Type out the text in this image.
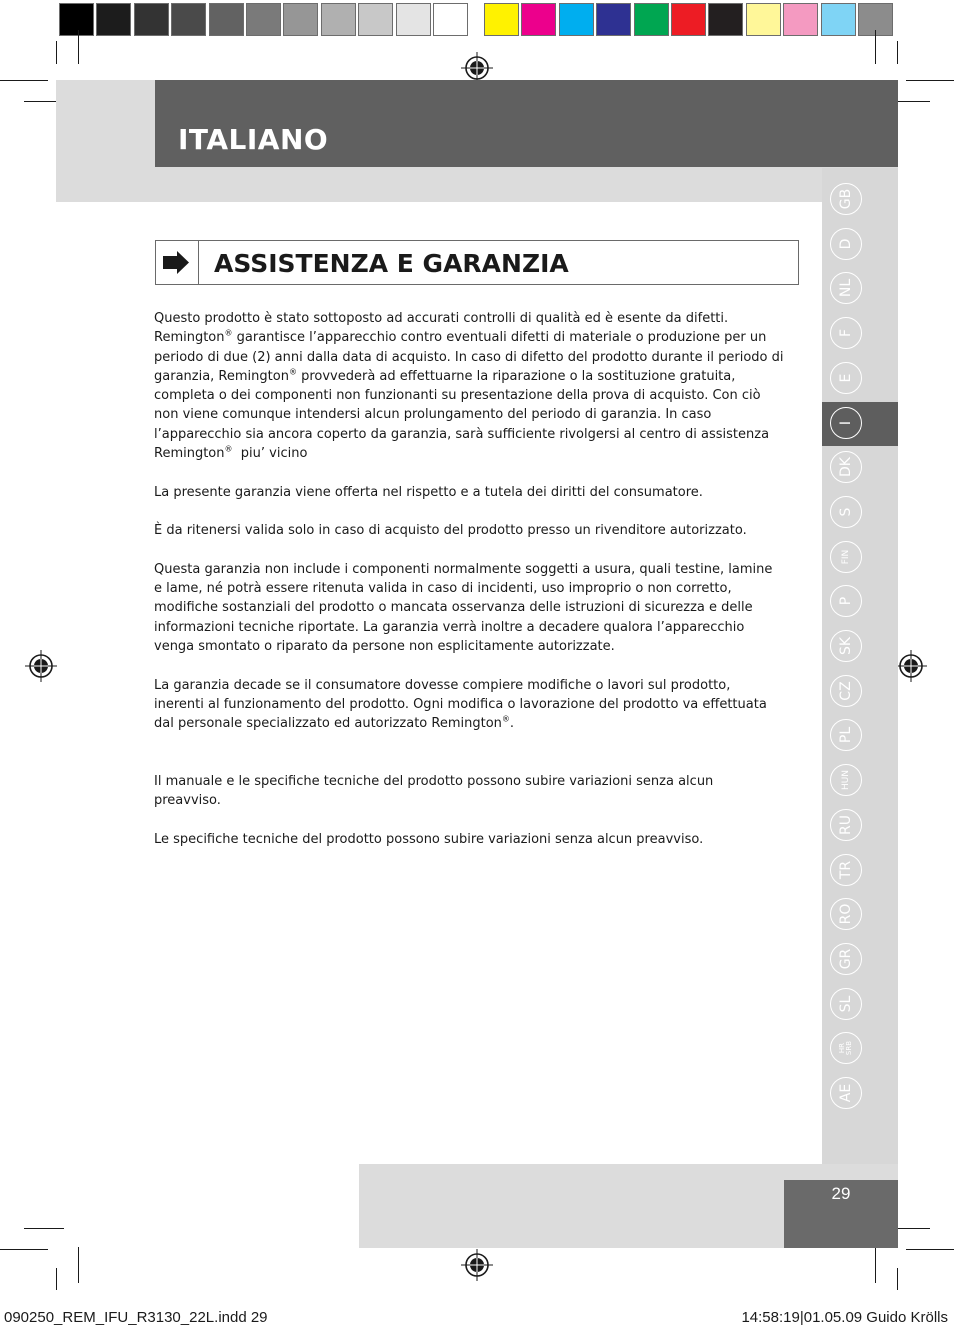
ITALIANO
GB
D
NL
F
E
I
DK
S
FIN
P
SK
CZ
PL
HUN
RU
TR
RO
GR
SL
HR SRB
AE
ASSISTENZA E GARANZIA

Questo prodotto è stato sottoposto ad accurati controlli di qualità ed è esente da difetti. Remington® garantisce l’apparecchio contro eventuali difetti di materiale o produzione per un periodo di due (2) anni dalla data di acquisto. In caso di difetto del prodotto durante il periodo di garanzia, Remington® provvederà ad effettuarne la riparazione o la sostituzione gratuita, completa o dei componenti non funzionanti su presentazione della prova di acquisto. Con ciò non viene comunque intendersi alcun prolungamento del periodo di garanzia. In caso l’apparecchio sia ancora coperto da garanzia, sarà sufficiente rivolgersi al centro di assistenza
Remington®  piu’ vicino

La presente garanzia viene offerta nel rispetto e a tutela dei diritti del consumatore.

È da ritenersi valida solo in caso di acquisto del prodotto presso un rivenditore autorizzato.

Questa garanzia non include i componenti normalmente soggetti a usura, quali testine, lamine e lame, né potrà essere ritenuta valida in caso di incidenti, uso improprio o non corretto, modifiche sostanziali del prodotto o mancata osservanza delle istruzioni di sicurezza e delle informazioni tecniche riportate. La garanzia verrà inoltre a decadere qualora l’apparecchio venga smontato o riparato da persone non esplicitamente autorizzate.

La garanzia decade se il consumatore dovesse compiere modifiche o lavori sul prodotto, inerenti al funzionamento del prodotto. Ogni modifica o lavorazione del prodotto va effettuata dal personale specializzato ed autorizzato Remington®.

Il manuale e le specifiche tecniche del prodotto possono subire variazioni senza alcun preavviso.

Le specifiche tecniche del prodotto possono subire variazioni senza alcun preavviso.

29
090250_REM_IFU_R3130_22L.indd 29	14:58:19|01.05.09 Guido Krölls
